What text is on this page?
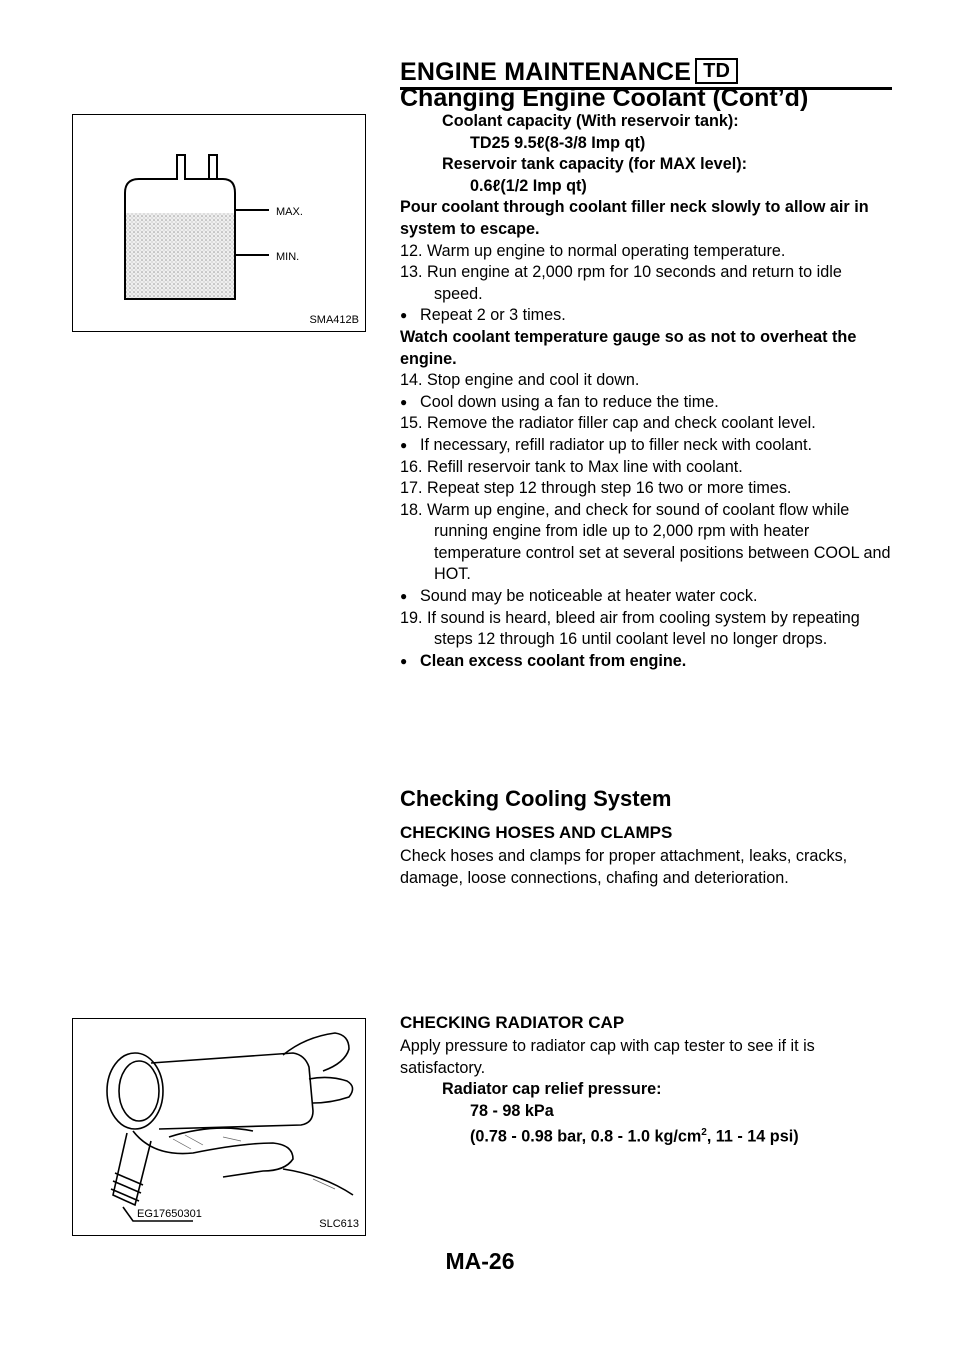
ENGINE MAINTENANCE TD
Changing Engine Coolant (Cont’d)
MAX.
MIN.
SMA412B

Coolant capacity (With reservoir tank):

TD25 9.5ℓ(8-3/8 Imp qt)

Reservoir tank capacity (for MAX level):

0.6ℓ(1/2 Imp qt)

Pour coolant through coolant filler neck slowly to allow air in system to escape.

12. Warm up engine to normal operating temperature.

13. Run engine at 2,000 rpm for 10 seconds and return to idle speed.

● Repeat 2 or 3 times.

Watch coolant temperature gauge so as not to overheat the engine.

14. Stop engine and cool it down.

● Cool down using a fan to reduce the time.

15. Remove the radiator filler cap and check coolant level.

● If necessary, refill radiator up to filler neck with coolant.

16. Refill reservoir tank to Max line with coolant.

17. Repeat step 12 through step 16 two or more times.

18. Warm up engine, and check for sound of coolant flow while running engine from idle up to 2,000 rpm with heater temperature control set at several positions between COOL and HOT.

● Sound may be noticeable at heater water cock.

19. If sound is heard, bleed air from cooling system by repeating steps 12 through 16 until coolant level no longer drops.

● Clean excess coolant from engine.

Checking Cooling System
CHECKING HOSES AND CLAMPS
Check hoses and clamps for proper attachment, leaks, cracks, damage, loose connections, chafing and deterioration.
CHECKING RADIATOR CAP

Apply pressure to radiator cap with cap tester to see if it is satisfactory.

Radiator cap relief pressure:

78 - 98 kPa

(0.78 - 0.98 bar, 0.8 - 1.0 $kg/cm^2$, 11 - 14 psi)

EG17650301
SLC613
MA-26
